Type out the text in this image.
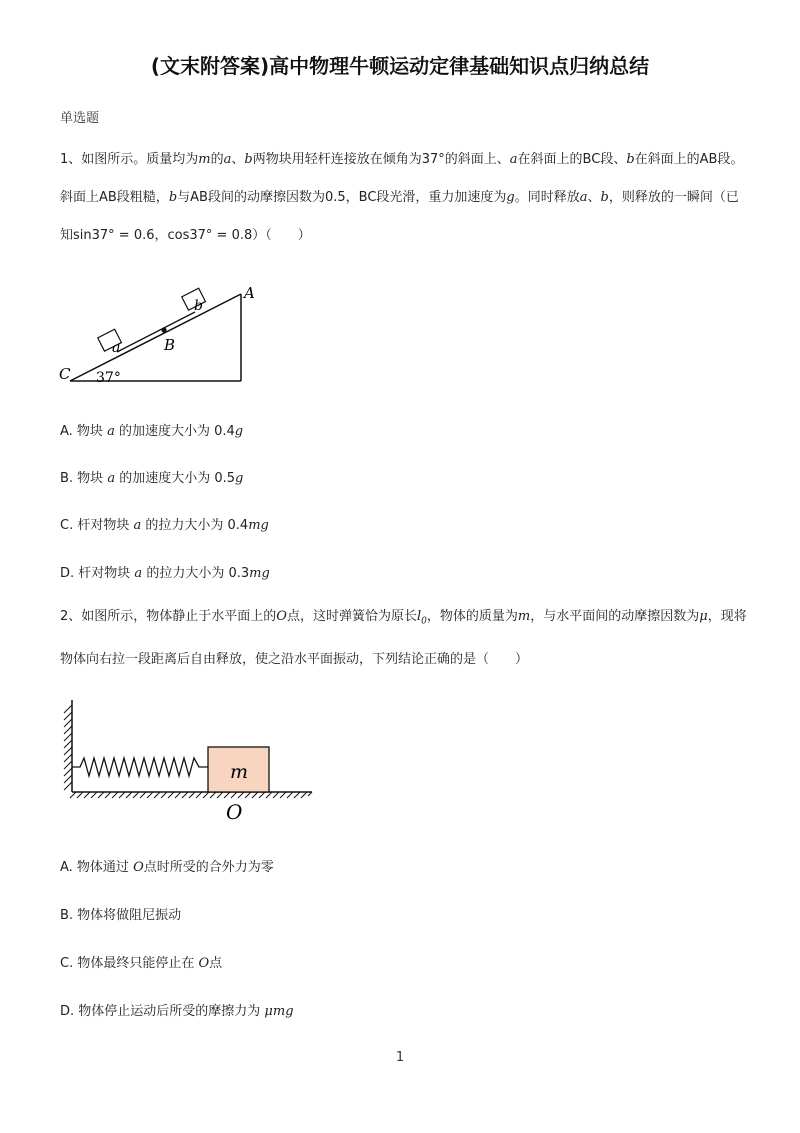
(文末附答案)高中物理牛顿运动定律基础知识点归纳总结
单选题
1、如图所示。质量均为m的a、b两物块用轻杆连接放在倾角为37°的斜面上、a在斜面上的BC段、b在斜面上的AB段。斜面上AB段粗糙，b与AB段间的动摩擦因数为0.5，BC段光滑，重力加速度为g。同时释放a、b，则释放的一瞬间（已知sin37° = 0.6，cos37° = 0.8）（　　）
a
b
B
A
C 37°
A. 物块 a 的加速度大小为 0.4g
B. 物块 a 的加速度大小为 0.5g
C. 杆对物块 a 的拉力大小为 0.4mg
D. 杆对物块 a 的拉力大小为 0.3mg
2、如图所示，物体静止于水平面上的O点，这时弹簧恰为原长$l_0$，物体的质量为m，与水平面间的动摩擦因数为μ，现将物体向右拉一段距离后自由释放，使之沿水平面振动，下列结论正确的是（　　）
m
O
A. 物体通过 O点时所受的合外力为零
B. 物体将做阻尼振动
C. 物体最终只能停止在 O点
D. 物体停止运动后所受的摩擦力为 μmg
1
